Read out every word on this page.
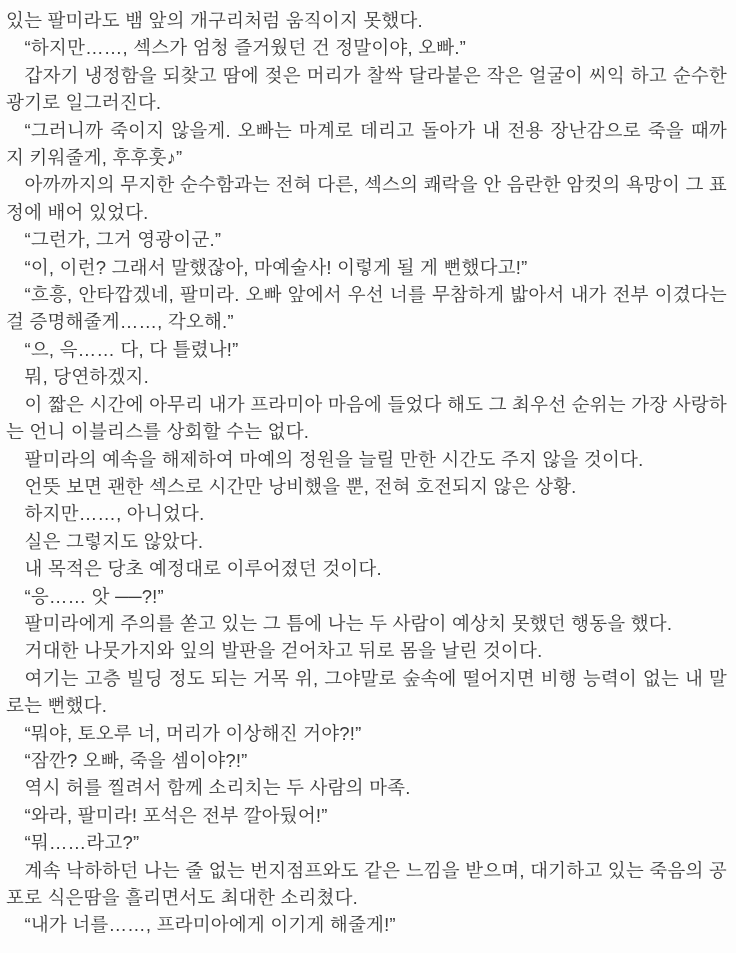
있는 팔미라도 뱀 앞의 개구리처럼 움직이지 못했다.

“하지만……, 섹스가 엄청 즐거웠던 건 정말이야, 오빠.”

갑자기 냉정함을 되찾고 땀에 젖은 머리가 찰싹 달라붙은 작은 얼굴이 씨익 하고 순수한 광기로 일그러진다.

“그러니까 죽이지 않을게. 오빠는 마계로 데리고 돌아가 내 전용 장난감으로 죽을 때까지 키워줄게, 후후훗♪”

아까까지의 무지한 순수함과는 전혀 다른, 섹스의 쾌락을 안 음란한 암컷의 욕망이 그 표정에 배어 있었다.

“그런가, 그거 영광이군.”

“이, 이런? 그래서 말했잖아, 마예술사! 이렇게 될 게 뻔했다고!”

“흐흥, 안타깝겠네, 팔미라. 오빠 앞에서 우선 너를 무참하게 밟아서 내가 전부 이겼다는 걸 증명해줄게……, 각오해.”

“으, 윽…… 다, 다 틀렸나!”

뭐, 당연하겠지.

이 짧은 시간에 아무리 내가 프라미아 마음에 들었다 해도 그 최우선 순위는 가장 사랑하는 언니 이블리스를 상회할 수는 없다.

팔미라의 예속을 해제하여 마예의 정원을 늘릴 만한 시간도 주지 않을 것이다.

언뜻 보면 괜한 섹스로 시간만 낭비했을 뿐, 전혀 호전되지 않은 상황.

하지만……, 아니었다.

실은 그렇지도 않았다.

내 목적은 당초 예정대로 이루어졌던 것이다.

“응…… 앗 ──?!”

팔미라에게 주의를 쏟고 있는 그 틈에 나는 두 사람이 예상치 못했던 행동을 했다.

거대한 나뭇가지와 잎의 발판을 걷어차고 뒤로 몸을 날린 것이다.

여기는 고층 빌딩 정도 되는 거목 위, 그야말로 숲속에 떨어지면 비행 능력이 없는 내 말로는 뻔했다.

“뭐야, 토오루 너, 머리가 이상해진 거야?!”

“잠깐? 오빠, 죽을 셈이야?!”

역시 허를 찔려서 함께 소리치는 두 사람의 마족.

“와라, 팔미라! 포석은 전부 깔아뒀어!”

“뭐……라고?”

계속 낙하하던 나는 줄 없는 번지점프와도 같은 느낌을 받으며, 대기하고 있는 죽음의 공포로 식은땀을 흘리면서도 최대한 소리쳤다.

“내가 너를……, 프라미아에게 이기게 해줄게!”
